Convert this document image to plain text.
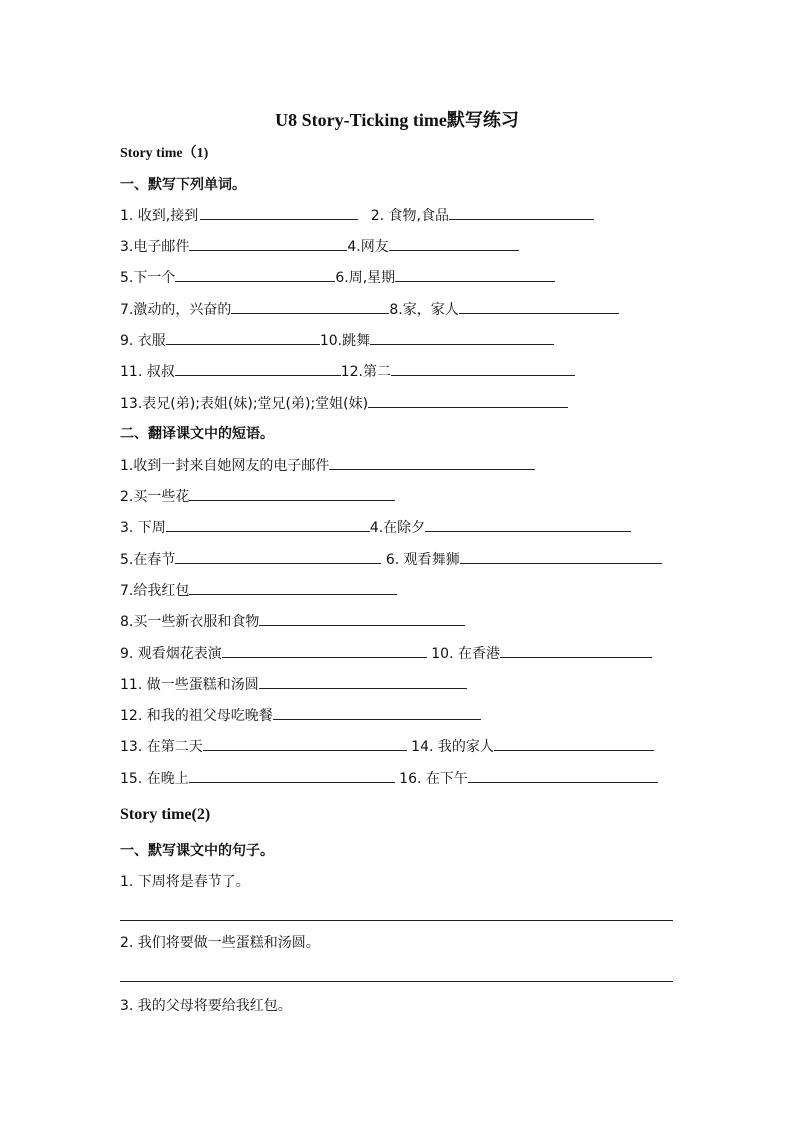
U8 Story-Ticking time默写练习
Story time（1)
一、默写下列单词。
1. 收到,接到	2. 食物,食品
3.电子邮件	4.网友
5.下一个	6.周,星期
7.激动的，兴奋的	8.家，家人
9. 衣服	10.跳舞
11. 叔叔	12.第二
13.表兄(弟);表姐(妹);堂兄(弟);堂姐(妹)
二、翻译课文中的短语。
1.收到一封来自她网友的电子邮件
2.买一些花
3. 下周	4.在除夕
5.在春节	6. 观看舞狮
7.给我红包
8.买一些新衣服和食物
9. 观看烟花表演	10. 在香港
11. 做一些蛋糕和汤圆
12. 和我的祖父母吃晚餐
13. 在第二天	14. 我的家人
15. 在晚上	16. 在下午
Story time(2)
一、默写课文中的句子。
1. 下周将是春节了。
2. 我们将要做一些蛋糕和汤圆。
3. 我的父母将要给我红包。
